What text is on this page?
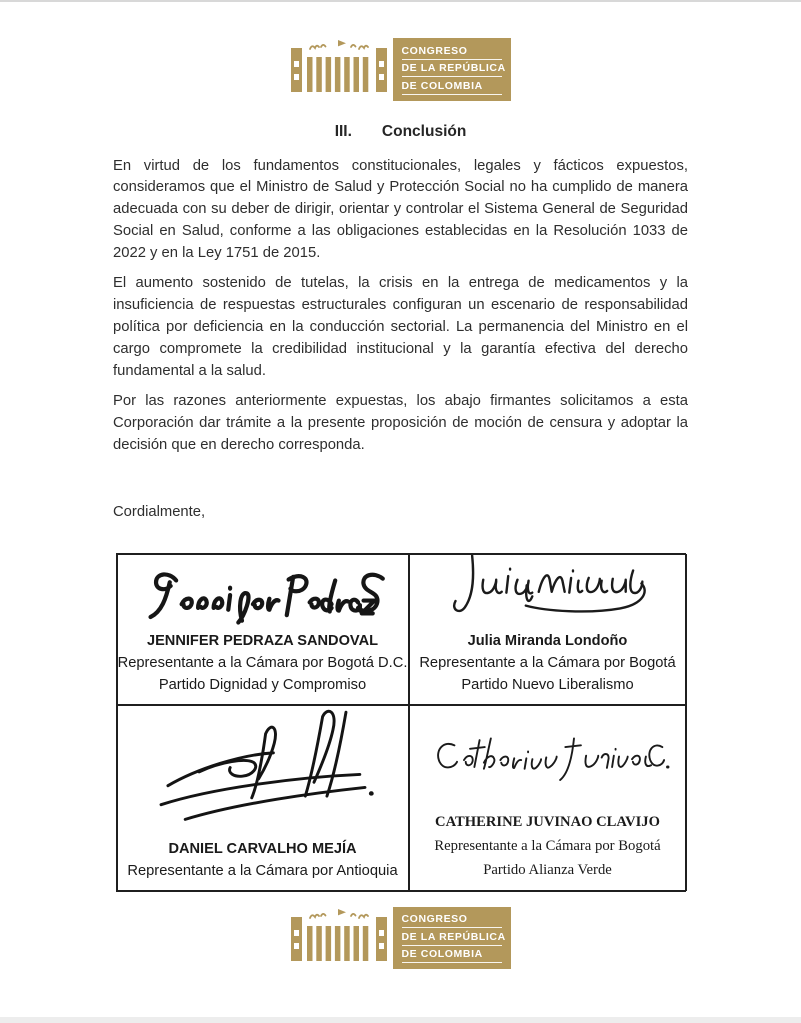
CONGRESO
DE LA REPÚBLICA
DE COLOMBIA
III. Conclusión

En virtud de los fundamentos constitucionales, legales y fácticos expuestos, consideramos que el Ministro de Salud y Protección Social no ha cumplido de manera adecuada con su deber de dirigir, orientar y controlar el Sistema General de Seguridad Social en Salud, conforme a las obligaciones establecidas en la Resolución 1033 de 2022 y en la Ley 1751 de 2015.

El aumento sostenido de tutelas, la crisis en la entrega de medicamentos y la insuficiencia de respuestas estructurales configuran un escenario de responsabilidad política por deficiencia en la conducción sectorial. La permanencia del Ministro en el cargo compromete la credibilidad institucional y la garantía efectiva del derecho fundamental a la salud.

Por las razones anteriormente expuestas, los abajo firmantes solicitamos a esta Corporación dar trámite a la presente proposición de moción de censura y adoptar la decisión que en derecho corresponda.

Cordialmente,

JENNIFER PEDRAZA SANDOVAL
Representante a la Cámara por Bogotá D.C.
Partido Dignidad y Compromiso
Julia Miranda Londoño
Representante a la Cámara por Bogotá
Partido Nuevo Liberalismo
DANIEL CARVALHO MEJÍA
Representante a la Cámara por Antioquia
CATHERINE JUVINAO CLAVIJO
Representante a la Cámara por Bogotá
Partido Alianza Verde
CONGRESO
DE LA REPÚBLICA
DE COLOMBIA
